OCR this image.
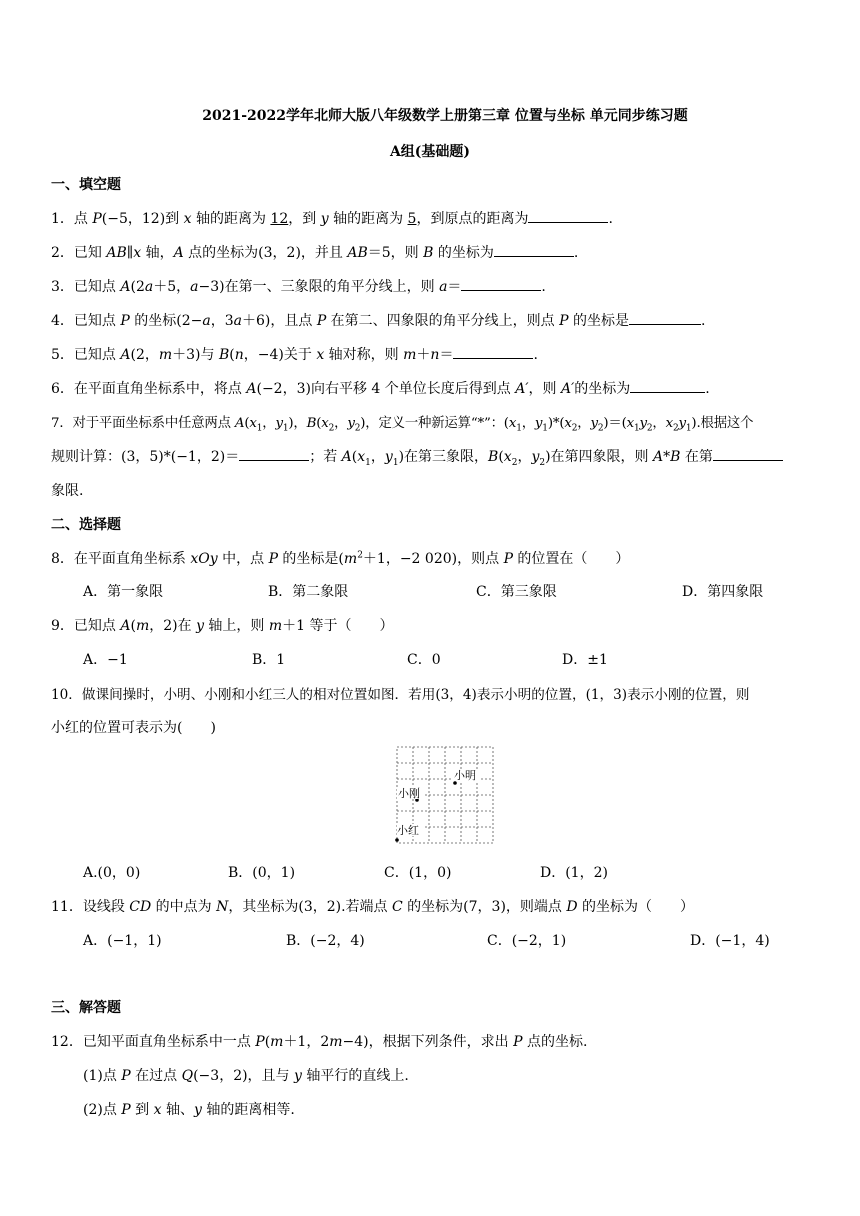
2021-2022学年北师大版八年级数学上册第三章 位置与坐标 单元同步练习题
A组(基础题)
一、填空题
1．点 P(−5，12)到 x 轴的距离为 12，到 y 轴的距离为 5，到原点的距离为	.
2．已知 AB∥x 轴，A 点的坐标为(3，2)，并且 AB＝5，则 B 的坐标为	.
3．已知点 A(2a＋5，a−3)在第一、三象限的角平分线上，则 a＝	.
4．已知点 P 的坐标(2−a，3a＋6)，且点 P 在第二、四象限的角平分线上，则点 P 的坐标是	.
5．已知点 A(2，m＋3)与 B(n，−4)关于 x 轴对称，则 m＋n＝	.
6．在平面直角坐标系中，将点 A(−2，3)向右平移 4 个单位长度后得到点 A′，则 A′的坐标为	.
7．对于平面坐标系中任意两点 $A(x_1$，$y_1$)，$B(x_2$，$y_2$)，定义一种新运算“*”：($x_1$，$y_1)*(x_2$，$y_2)=(x_1y_2$，$x_2y_1$).根据这个
规则计算：(3，5)*(−1，2)＝	；若 $A(x_1$，$y_1$)在第三象限，$B(x_2$，$y_2$)在第四象限，则 A*B 在第
象限.
二、选择题
8．在平面直角坐标系 xOy 中，点 P 的坐标是($m^2+1$，−2 020)，则点 P 的位置在（　　）
A．第一象限	B．第二象限	C．第三象限	D．第四象限
9．已知点 A(m，2)在 y 轴上，则 m＋1 等于（　　）
A．−1	B．1	C．0	D．±1
10．做课间操时，小明、小刚和小红三人的相对位置如图．若用(3，4)表示小明的位置，(1，3)表示小刚的位置，则
小红的位置可表示为(　　)
小明
小刚
小红
A.(0，0)	B．(0，1)	C．(1，0)	D．(1，2)
11．设线段 CD 的中点为 N，其坐标为(3，2).若端点 C 的坐标为(7，3)，则端点 D 的坐标为（　　）
A．(−1，1)	B．(−2，4)	C．(−2，1)	D．(−1，4)
三、解答题
12．已知平面直角坐标系中一点 P(m＋1，2m−4)，根据下列条件，求出 P 点的坐标.
(1)点 P 在过点 Q(−3，2)，且与 y 轴平行的直线上.
(2)点 P 到 x 轴、y 轴的距离相等.
